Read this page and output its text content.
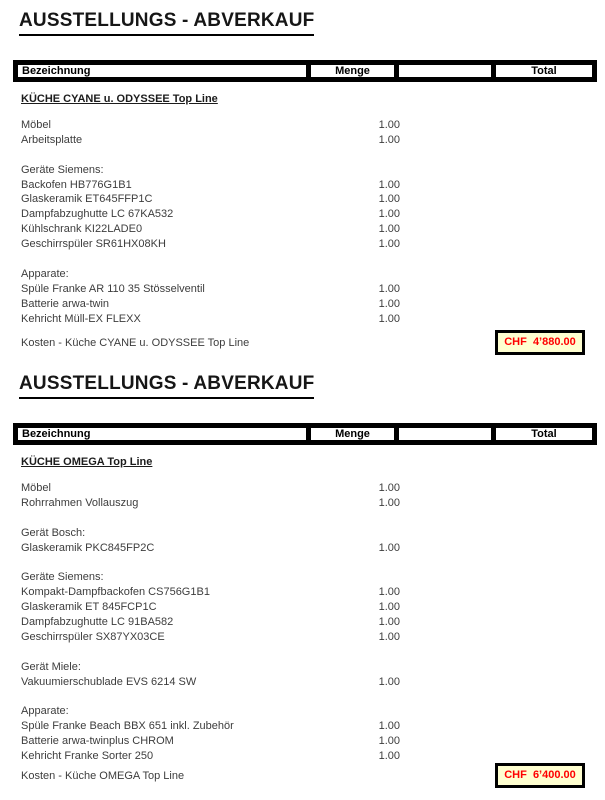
AUSSTELLUNGS - ABVERKAUF
Bezeichnung	Menge	Total
KÜCHE CYANE u. ODYSSEE Top Line
Möbel	1.00
Arbeitsplatte	1.00
Geräte Siemens:
Backofen HB776G1B1	1.00
Glaskeramik ET645FFP1C	1.00
Dampfabzughutte LC 67KA532	1.00
Kühlschrank KI22LADE0	1.00
Geschirrspüler SR61HX08KH	1.00
Apparate:
Spüle Franke AR 110 35 Stösselventil	1.00
Batterie arwa-twin	1.00
Kehricht Müll-EX FLEXX	1.00
Kosten - Küche CYANE u. ODYSSEE Top Line	CHF  4’880.00
AUSSTELLUNGS - ABVERKAUF
Bezeichnung	Menge	Total
KÜCHE OMEGA Top Line
Möbel	1.00
Rohrrahmen Vollauszug	1.00
Gerät Bosch:
Glaskeramik PKC845FP2C	1.00
Geräte Siemens:
Kompakt-Dampfbackofen CS756G1B1	1.00
Glaskeramik ET 845FCP1C	1.00
Dampfabzughutte LC 91BA582	1.00
Geschirrspüler SX87YX03CE	1.00
Gerät Miele:
Vakuumierschublade EVS 6214 SW	1.00
Apparate:
Spüle Franke Beach BBX 651 inkl. Zubehör	1.00
Batterie arwa-twinplus CHROM	1.00
Kehricht Franke Sorter 250	1.00
Kosten - Küche OMEGA Top Line	CHF  6’400.00
